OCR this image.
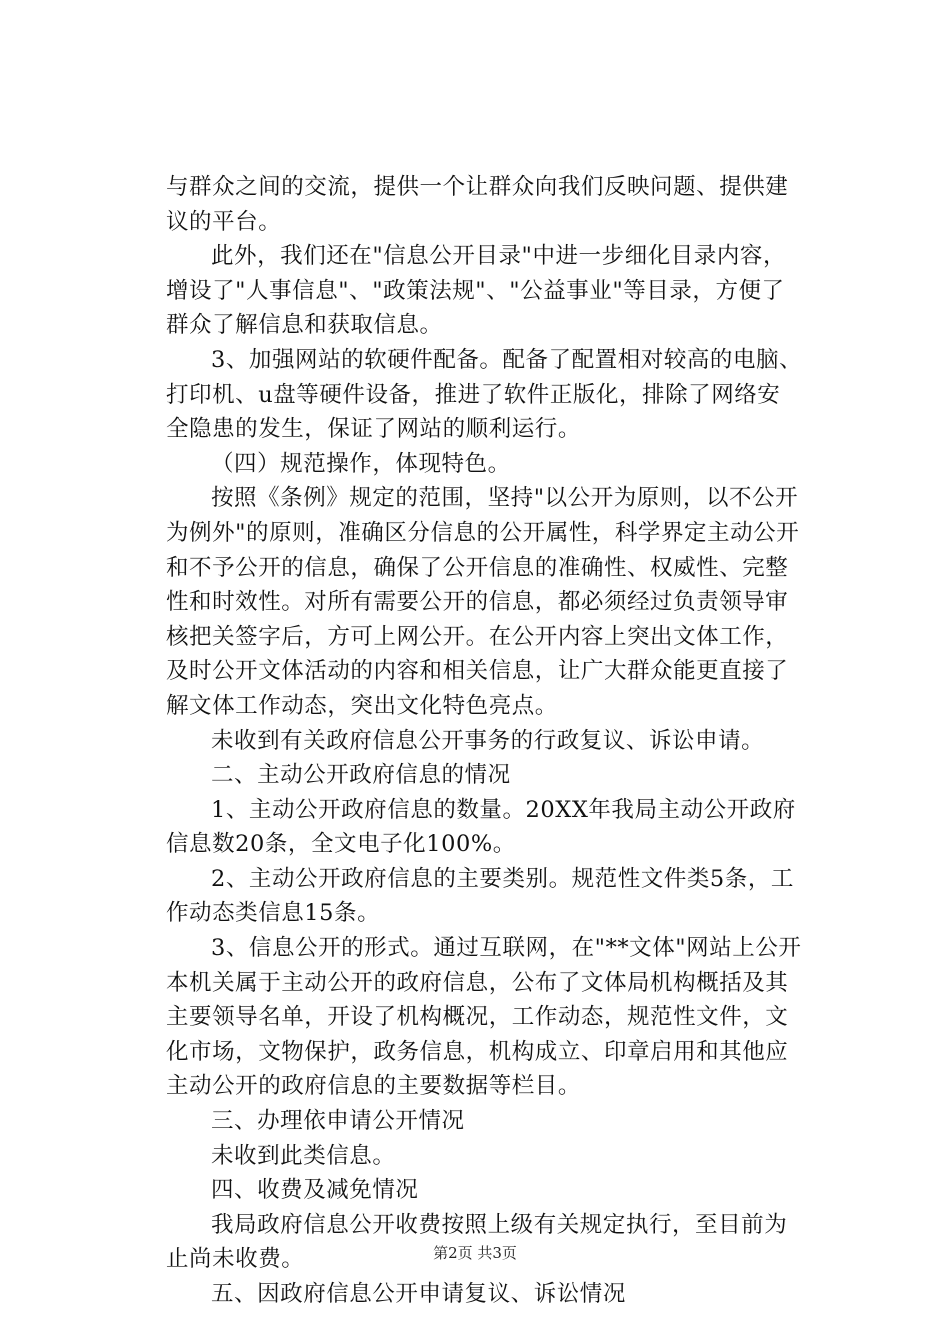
与群众之间的交流，提供一个让群众向我们反映问题、提供建
议的平台。
此外，我们还在"信息公开目录"中进一步细化目录内容，
增设了"人事信息"、"政策法规"、"公益事业"等目录，方便了
群众了解信息和获取信息。
3、加强网站的软硬件配备。配备了配置相对较高的电脑、
打印机、u盘等硬件设备，推进了软件正版化，排除了网络安
全隐患的发生，保证了网站的顺利运行。
（四）规范操作，体现特色。
按照《条例》规定的范围，坚持"以公开为原则，以不公开
为例外"的原则，准确区分信息的公开属性，科学界定主动公开
和不予公开的信息，确保了公开信息的准确性、权威性、完整
性和时效性。对所有需要公开的信息，都必须经过负责领导审
核把关签字后，方可上网公开。在公开内容上突出文体工作，
及时公开文体活动的内容和相关信息，让广大群众能更直接了
解文体工作动态，突出文化特色亮点。
未收到有关政府信息公开事务的行政复议、诉讼申请。
二、主动公开政府信息的情况
1、主动公开政府信息的数量。20XX年我局主动公开政府
信息数20条，全文电子化100%。
2、主动公开政府信息的主要类别。规范性文件类5条，工
作动态类信息15条。
3、信息公开的形式。通过互联网，在"**文体"网站上公开
本机关属于主动公开的政府信息，公布了文体局机构概括及其
主要领导名单，开设了机构概况，工作动态，规范性文件，文
化市场，文物保护，政务信息，机构成立、印章启用和其他应
主动公开的政府信息的主要数据等栏目。
三、办理依申请公开情况
未收到此类信息。
四、收费及减免情况
我局政府信息公开收费按照上级有关规定执行，至目前为
止尚未收费。
五、因政府信息公开申请复议、诉讼情况
第2页 共3页
